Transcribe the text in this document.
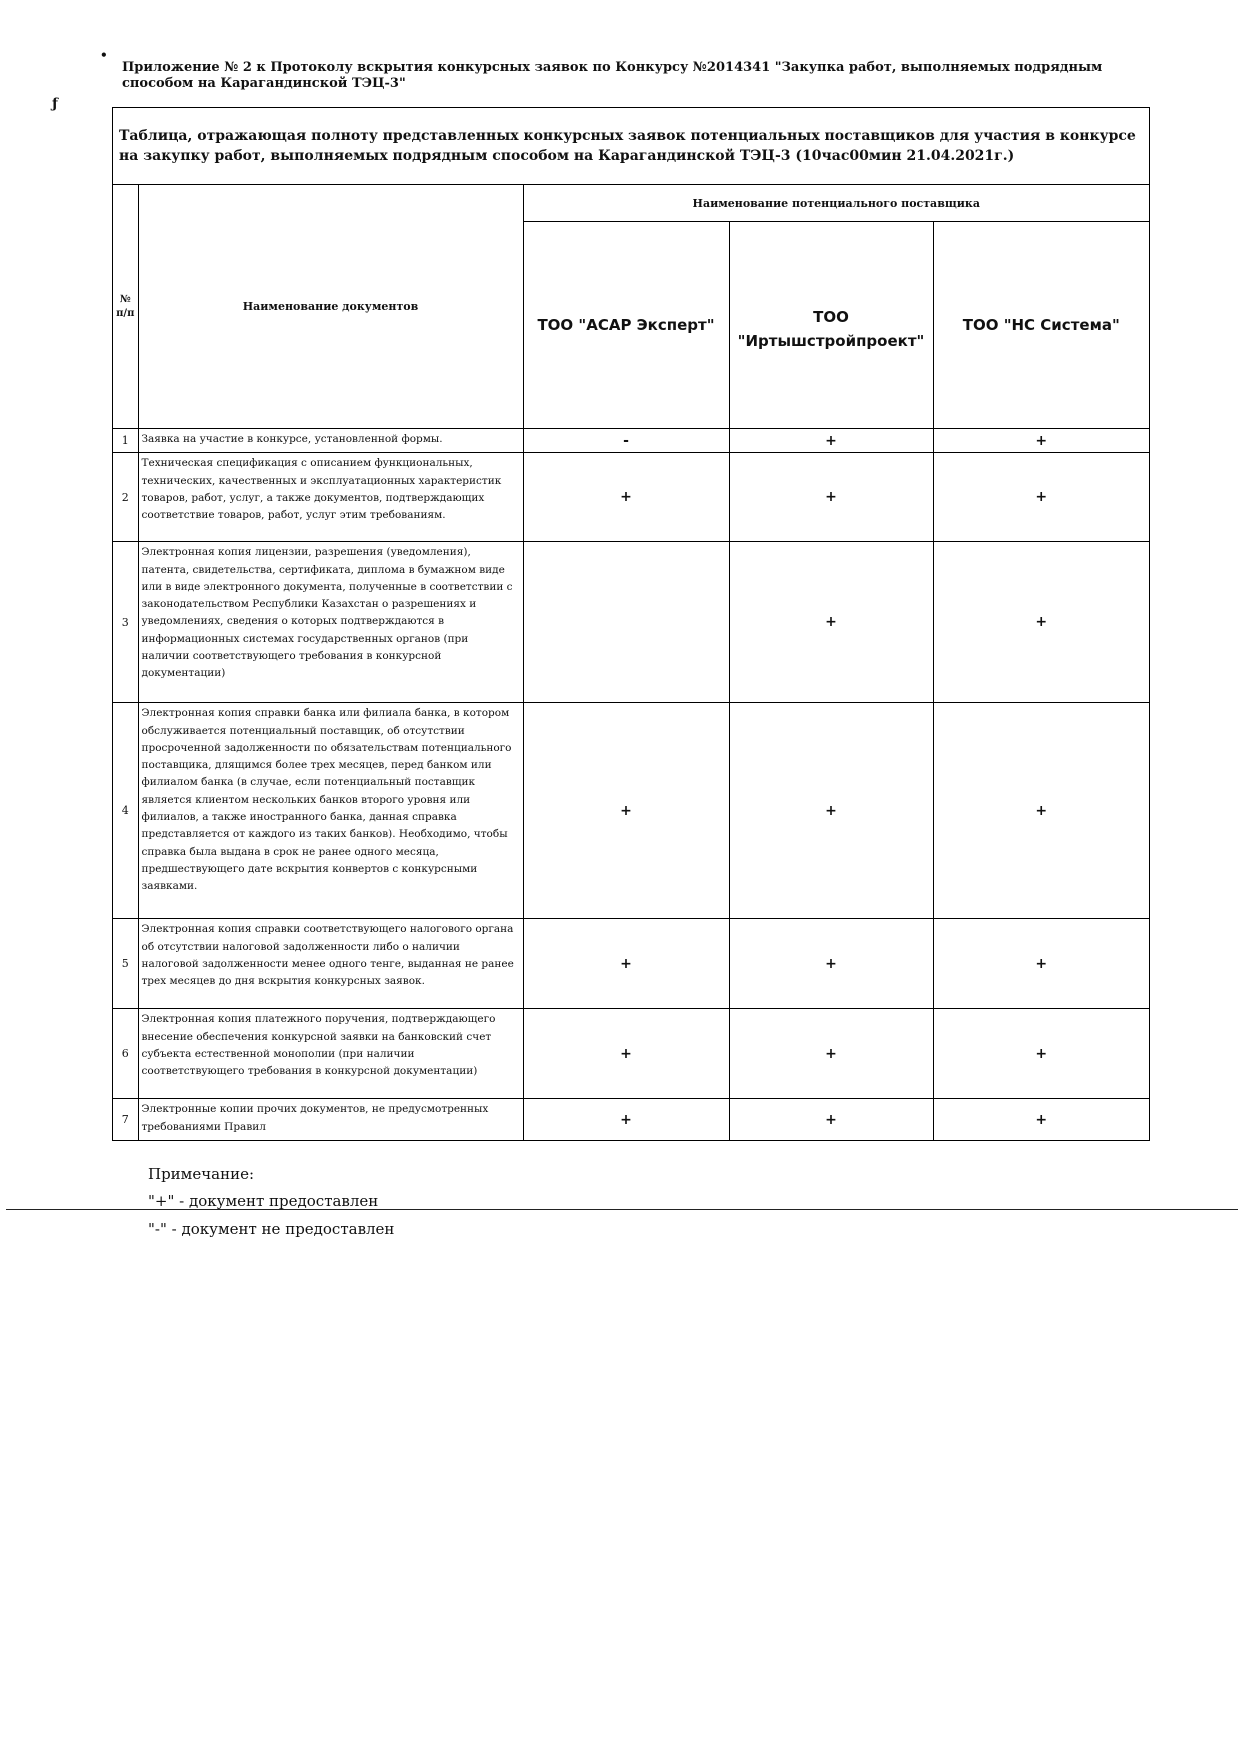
•
ƒ
Приложение № 2 к Протоколу вскрытия конкурсных заявок по Конкурсу №2014341 "Закупка работ, выполняемых подрядным способом на Карагандинской ТЭЦ-3"
Таблица, отражающая полноту представленных конкурсных заявок потенциальных поставщиков для участия в конкурсе на закупку работ, выполняемых подрядным способом на Карагандинской ТЭЦ-3 (10час00мин 21.04.2021г.)
№ п/п	Наименование документов	Наименование потенциального поставщика		
		ТОО "АСАР Эксперт"	ТОО "Иртышстройпроект"	ТОО "НС Система"
1	Заявка на участие в конкурсе, установленной формы.	-	+	+
2	Техническая спецификация с описанием функциональных, технических, качественных и эксплуатационных характеристик товаров, работ, услуг, а также документов, подтверждающих соответствие товаров, работ, услуг этим требованиям.	+	+	+
3	Электронная копия лицензии, разрешения (уведомления), патента, свидетельства, сертификата, диплома в бумажном виде или в виде электронного документа, полученные в соответствии с законодательством Республики Казахстан о разрешениях и уведомлениях, сведения о которых подтверждаются в информационных системах государственных органов (при наличии соответствующего требования в конкурсной документации)		+	+
4	Электронная копия справки банка или филиала банка, в котором обслуживается потенциальный поставщик, об отсутствии просроченной задолженности по обязательствам потенциального поставщика, длящимся более трех месяцев, перед банком или филиалом банка (в случае, если потенциальный поставщик является клиентом нескольких банков второго уровня или филиалов, а также иностранного банка, данная справка представляется от каждого из таких банков). Необходимо, чтобы справка была выдана в срок не ранее одного месяца, предшествующего дате вскрытия конвертов с конкурсными заявками.	+	+	+
5	Электронная копия справки соответствующего налогового органа об отсутствии налоговой задолженности либо о наличии налоговой задолженности менее одного тенге, выданная не ранее трех месяцев до дня вскрытия конкурсных заявок.	+	+	+
6	Электронная копия платежного поручения, подтверждающего внесение обеспечения конкурсной заявки на банковский счет субъекта естественной монополии (при наличии соответствующего требования в конкурсной документации)	+	+	+
7	Электронные копии прочих документов, не предусмотренных требованиями Правил	+	+	+
Примечание:
"+" - документ предоставлен
"-" - документ не предоставлен
